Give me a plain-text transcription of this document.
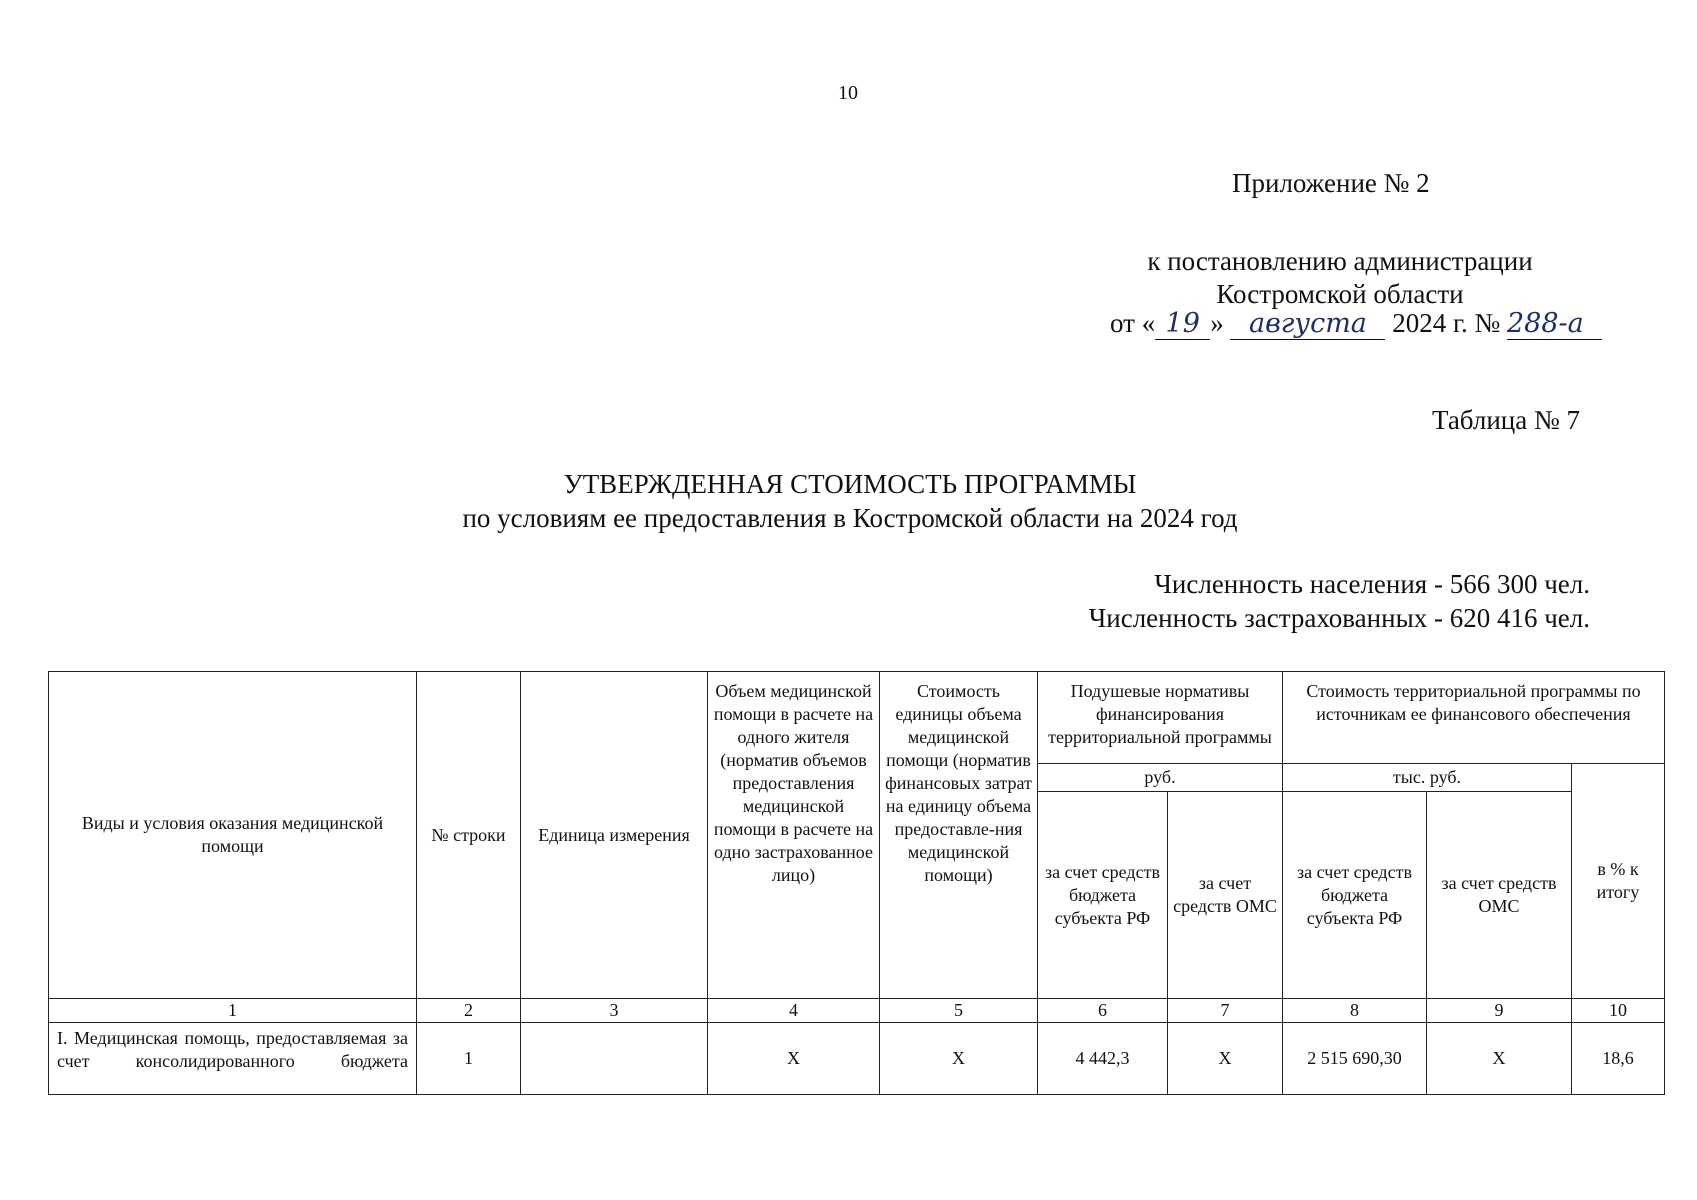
10
Приложение № 2
к постановлению администрации
Костромской области
от « 19 » августа 2024 г. № 288-а
Таблица № 7
УТВЕРЖДЕННАЯ СТОИМОСТЬ ПРОГРАММЫ
по условиям ее предоставления в Костромской области на 2024 год
Численность населения - 566 300 чел.
Численность застрахованных - 620 416 чел.
Виды и условия оказания медицинской помощи	№ строки	Единица измерения	Объем медицинской помощи в расчете на одного жителя (норматив объемов предоставления медицинской помощи в расчете на одно застрахованное лицо)	Стоимость единицы объема медицинской помощи (норматив финансовых затрат на единицу объема предоставле-ния медицинской помощи)	Подушевые нормативы финансирования территориальной программы		Стоимость территориальной программы по источникам ее финансового обеспечения		
					руб.		тыс. руб.		в % к итогу
					за счет средств бюджета субъекта РФ	за счет средств ОМС	за счет средств бюджета субъекта РФ	за счет средств ОМС	
1	2	3	4	5	6	7	8	9	10
I. Медицинская помощь, предоставляемая за счет консолидированного бюджета	1		Х	Х	4 442,3	Х	2 515 690,30	Х	18,6
